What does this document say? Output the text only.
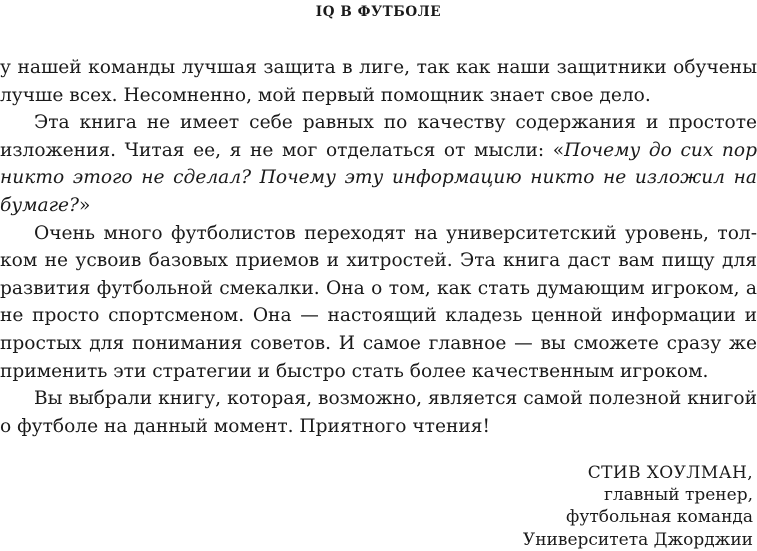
IQ В ФУТБОЛЕ

у нашей команды лучшая защита в лиге, так как наши защитники обучены лучше всех. Несомненно, мой первый помощник знает свое дело.

Эта книга не имеет себе равных по качеству содержания и простоте изложения. Читая ее, я не мог отделаться от мысли: «Почему до сих пор никто этого не сделал? Почему эту информацию никто не изложил на бумаге?»

Очень много футболистов переходят на университетский уровень, толком не усвоив базовых приемов и хитростей. Эта книга даст вам пищу для развития футбольной смекалки. Она о том, как стать думающим игроком, а не просто спортсменом. Она — настоящий кладезь ценной информации и простых для понимания советов. И самое главное — вы сможете сразу же применить эти стратегии и быстро стать более качественным игроком.

Вы выбрали книгу, которая, возможно, является самой полезной книгой о футболе на данный момент. Приятного чтения!

СТИВ ХОУЛМАН,
главный тренер,
футбольная команда
Университета Джорджии
